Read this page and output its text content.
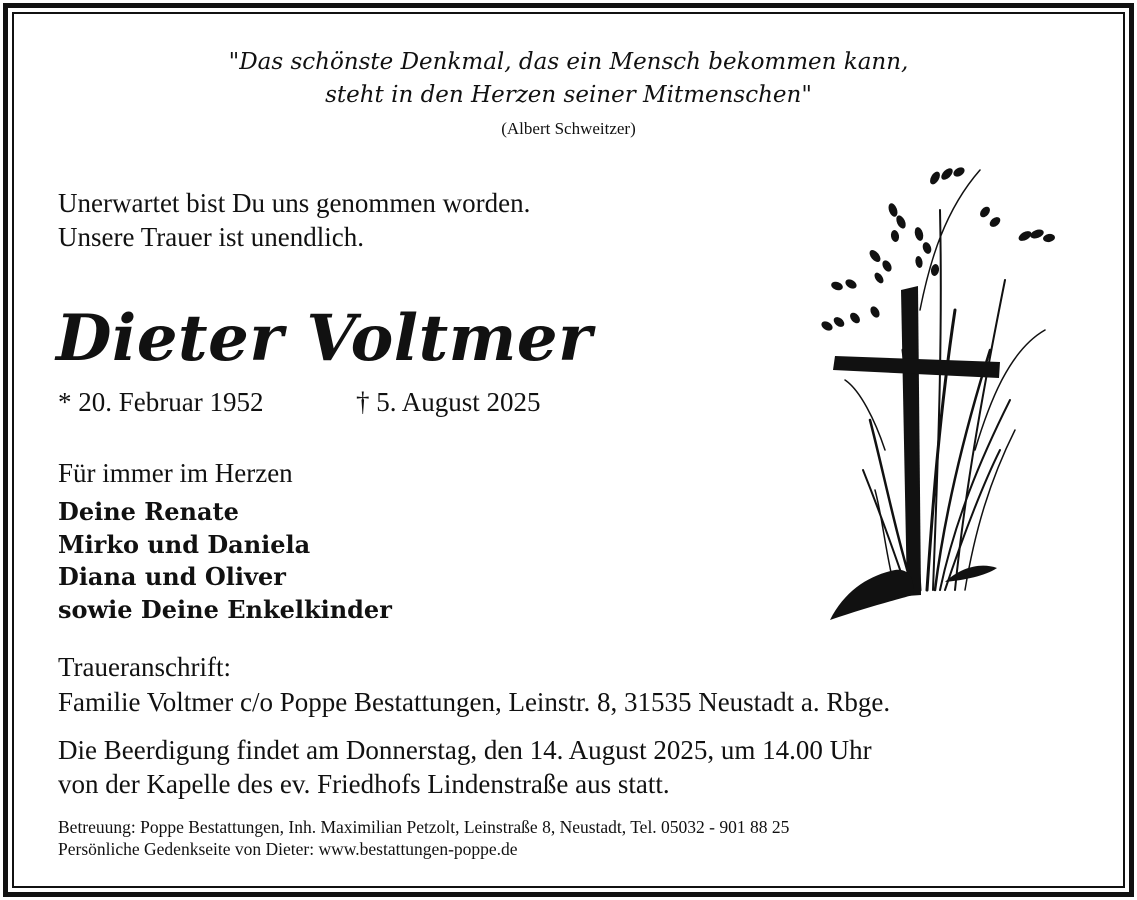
"Das schönste Denkmal, das ein Mensch bekommen kann,
steht in den Herzen seiner Mitmenschen"
(Albert Schweitzer)
Unerwartet bist Du uns genommen worden.
Unsere Trauer ist unendlich.
Dieter Voltmer
* 20. Februar 1952	† 5. August 2025
Für immer im Herzen
Deine Renate
Mirko und Daniela
Diana und Oliver
sowie Deine Enkelkinder
Traueranschrift:
Familie Voltmer c/o Poppe Bestattungen, Leinstr. 8, 31535 Neustadt a. Rbge.
Die Beerdigung findet am Donnerstag, den 14. August 2025, um 14.00 Uhr
von der Kapelle des ev. Friedhofs Lindenstraße aus statt.
Betreuung: Poppe Bestattungen, Inh. Maximilian Petzolt, Leinstraße 8, Neustadt, Tel. 05032 - 901 88 25
Persönliche Gedenkseite von Dieter: www.bestattungen-poppe.de
